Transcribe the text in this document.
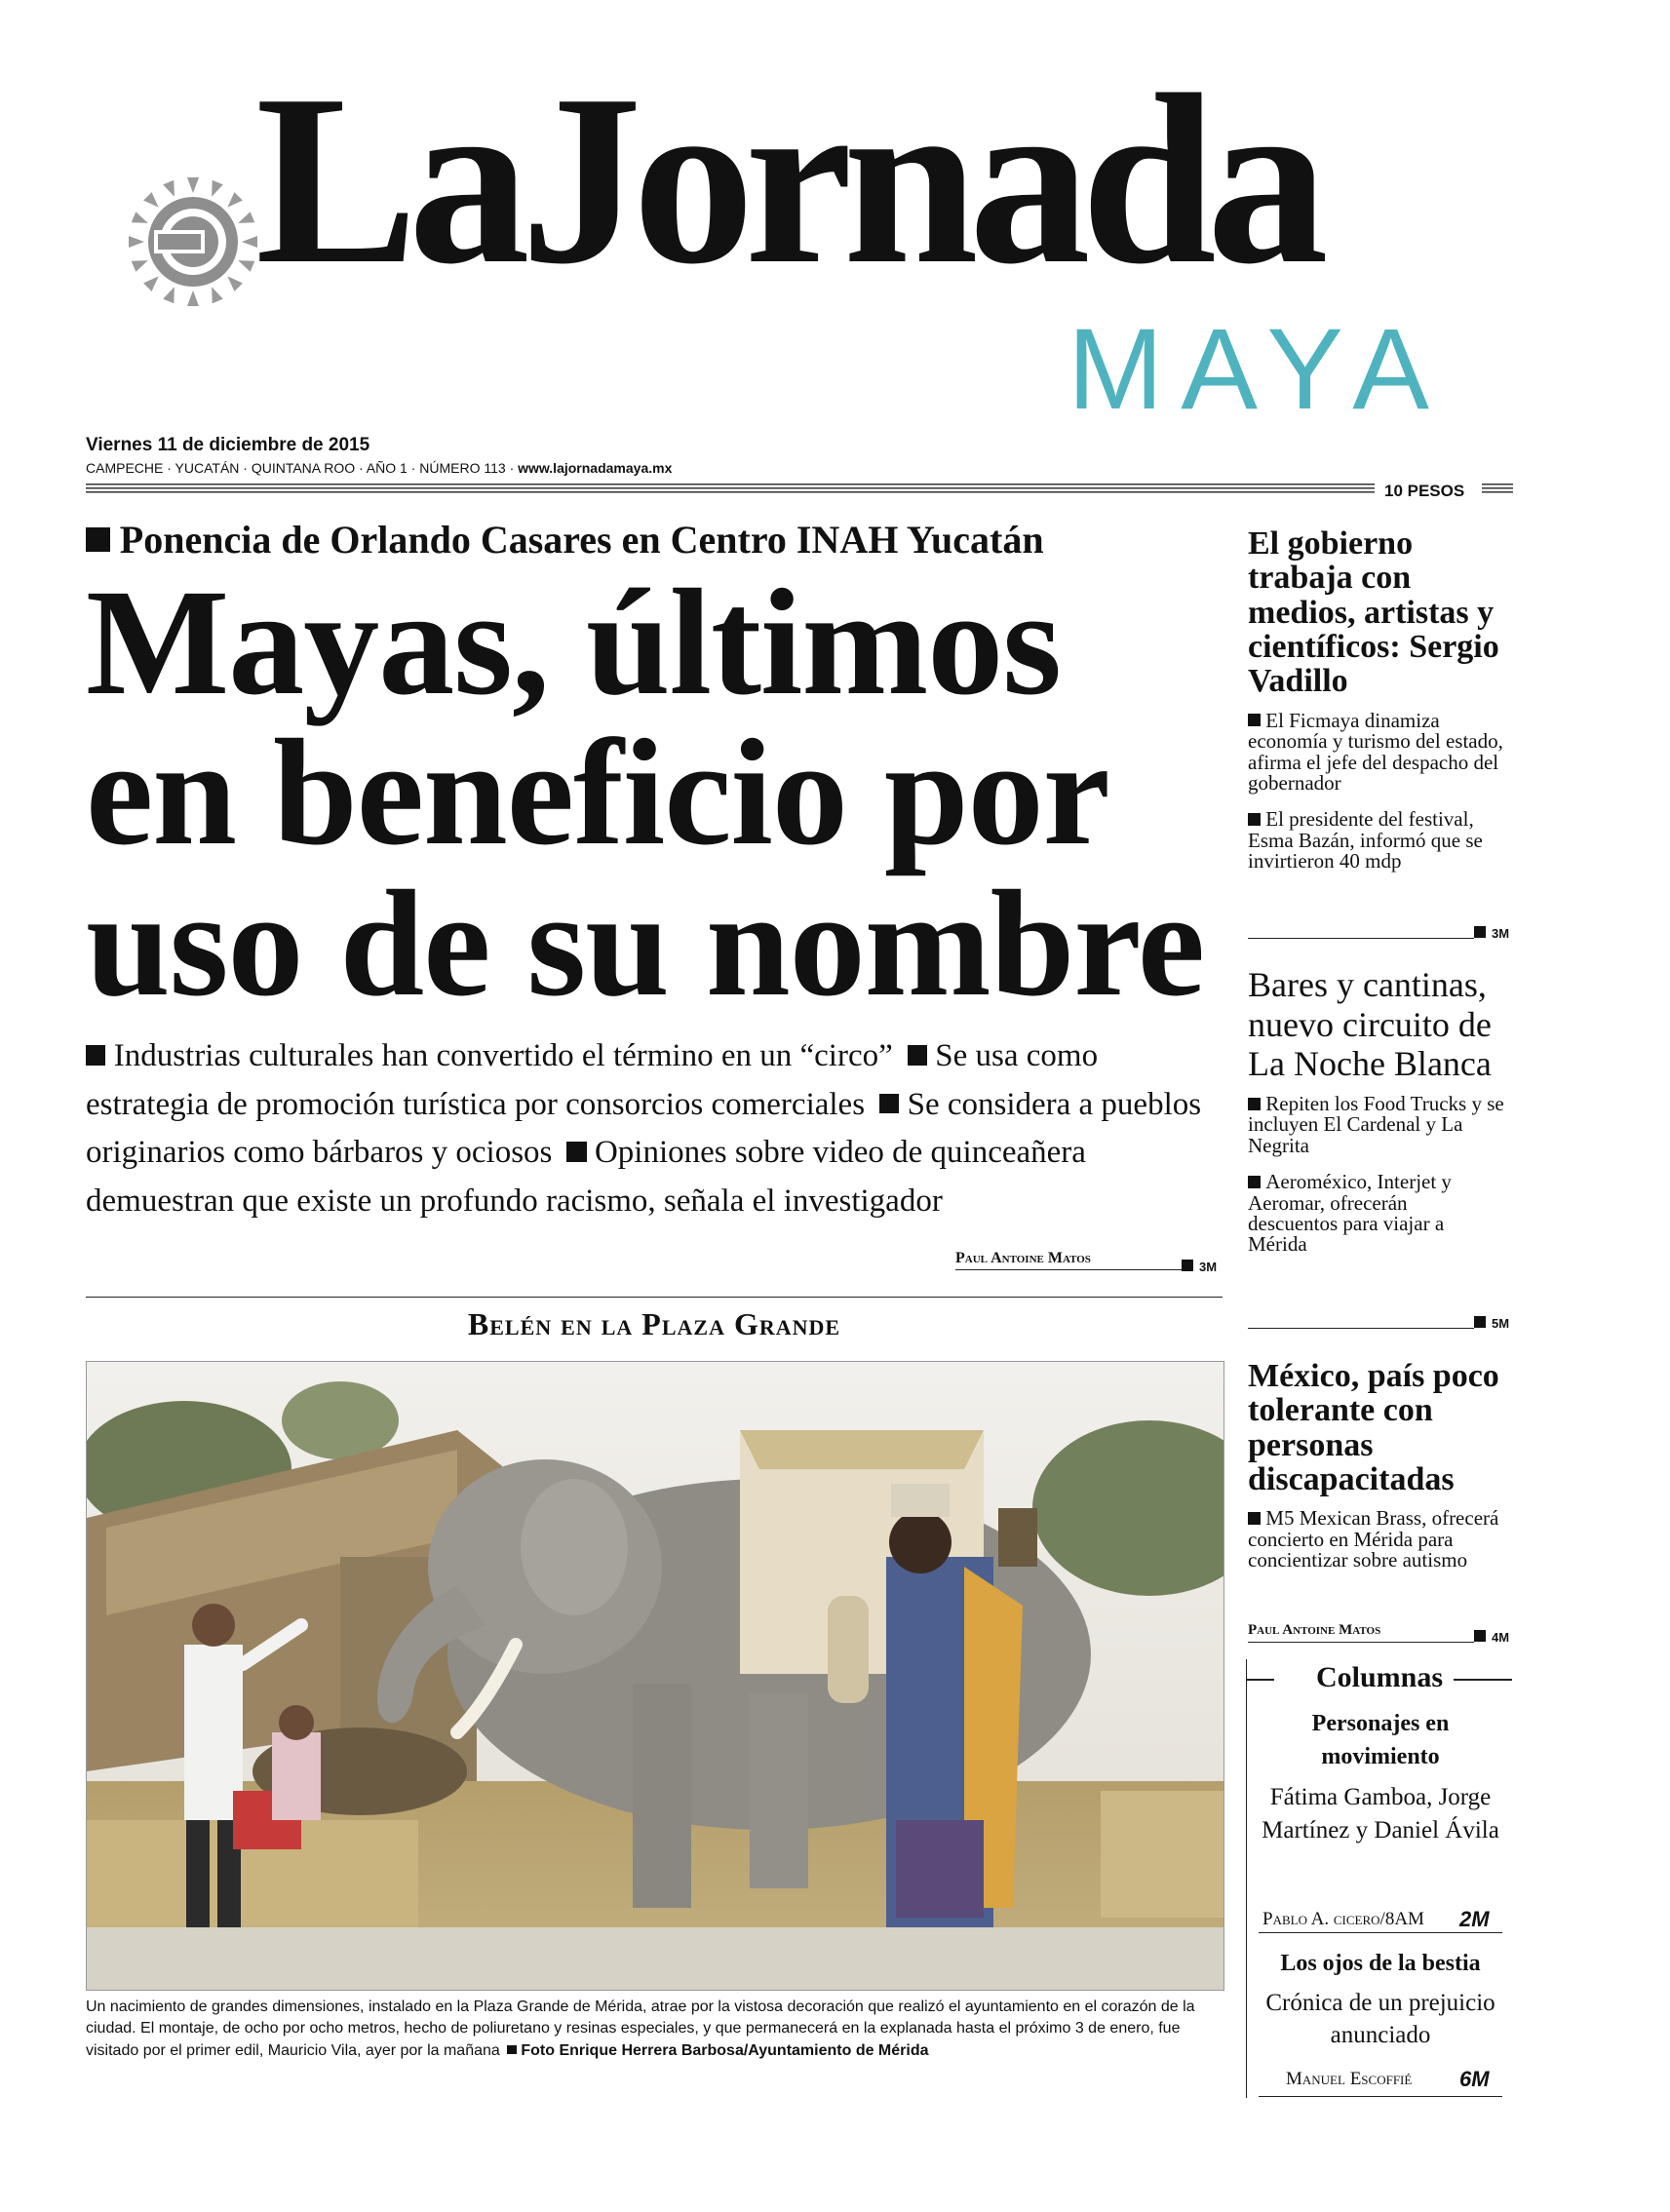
LaJornada
MAYA
Viernes 11 de diciembre de 2015
CAMPECHE · YUCATÁN · QUINTANA ROO · AÑO 1 · NÚMERO 113 · www.lajornadamaya.mx
10 PESOS
Ponencia de Orlando Casares en Centro INAH Yucatán
Mayas, últimos
en beneficio por
uso de su nombre
Industrias culturales han convertido el término en un “circo” Se usa como estrategia de promoción turística por consorcios comerciales Se considera a pueblos originarios como bárbaros y ociosos Opiniones sobre video de quinceañera demuestran que existe un profundo racismo, señala el investigador
Paul Antoine Matos
3M
Belén en la Plaza Grande
Un nacimiento de grandes dimensiones, instalado en la Plaza Grande de Mérida, atrae por la vistosa decoración que realizó el ayuntamiento en el corazón de la ciudad. El montaje, de ocho por ocho metros, hecho de poliuretano y resinas especiales, y que permanecerá en la explanada hasta el próximo 3 de enero, fue visitado por el primer edil, Mauricio Vila, ayer por la mañana Foto Enrique Herrera Barbosa/Ayuntamiento de Mérida
El gobierno trabaja con medios, artistas y científicos: Sergio Vadillo
El Ficmaya dinamiza economía y turismo del estado, afirma el jefe del despacho del gobernador
El presidente del festival, Esma Bazán, informó que se invirtieron 40 mdp
3M
Bares y cantinas, nuevo circuito de La Noche Blanca
Repiten los Food Trucks y se incluyen El Cardenal y La Negrita
Aeroméxico, Interjet y Aeromar, ofrecerán descuentos para viajar a Mérida
5M
México, país poco tolerante con personas discapacitadas
M5 Mexican Brass, ofrecerá concierto en Mérida para concientizar sobre autismo
Paul Antoine Matos	4M
Columnas
Personajes en movimiento
Fátima Gamboa, Jorge Martínez y Daniel Ávila
Pablo A. cicero/8AM 2M
Los ojos de la bestia
Crónica de un prejuicio anunciado
Manuel Escoffié 6M
